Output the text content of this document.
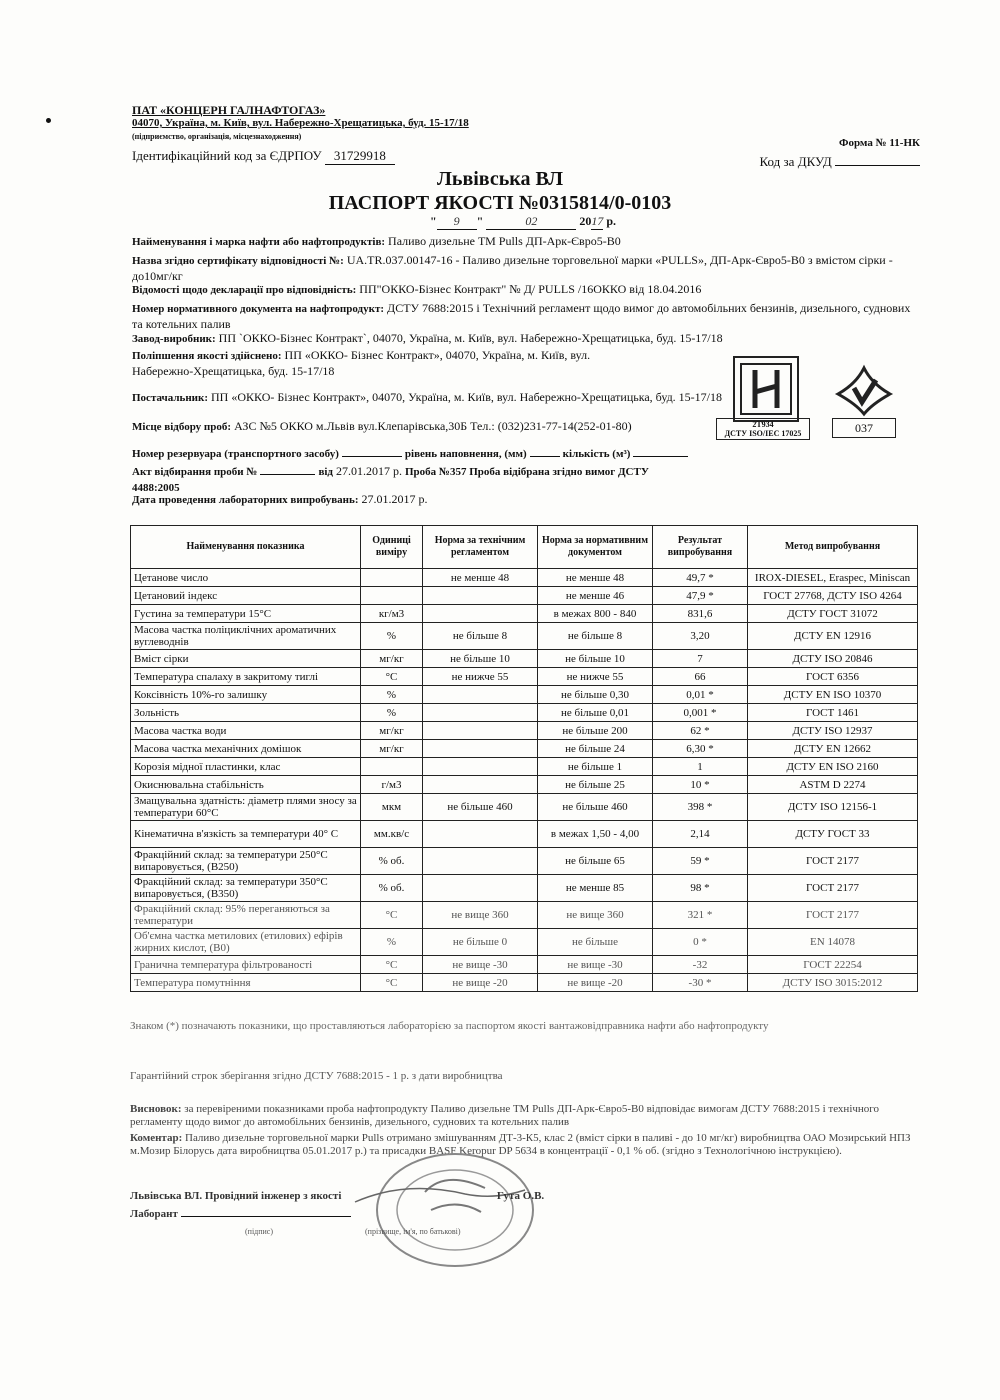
ПАТ «КОНЦЕРН ГАЛНАФТОГАЗ»
04070, Україна, м. Київ, вул. Набережно-Хрещатицька, буд. 15-17/18
(підприємство, організація, місцезнаходження)
Ідентифікаційний код за ЄДРПОУ 31729918
Форма № 11-НК
Код за ДКУД
Львівська ВЛ
ПАСПОРТ ЯКОСТІ №0315814/0-0103
" 9 "	02	2017 р.
Найменування і марка нафти або нафтопродуктів: Паливо дизельне ТМ Pulls ДП-Арк-Євро5-В0
Назва згідно сертифікату відповідності №: UA.TR.037.00147-16 - Паливо дизельне торговельної марки «PULLS», ДП-Арк-Євро5-В0 з вмістом сірки - до10мг/кг
Відомості щодо декларації про відповідність: ПП"ОККО-Бізнес Контракт" № Д/ PULLS /16ОККО від 18.04.2016
Номер нормативного документа на нафтопродукт: ДСТУ 7688:2015 і Технічний регламент щодо вимог до автомобільних бензинів, дизельного, суднових та котельних палив
Завод-виробник: ПП `ОККО-Бізнес Контракт`, 04070, Україна, м. Київ, вул. Набережно-Хрещатицька, буд. 15-17/18
Поліпшення якості здійснено: ПП «ОККО- Бізнес Контракт», 04070, Україна, м. Київ, вул. Набережно-Хрещатицька, буд. 15-17/18
Постачальник: ПП «ОККО- Бізнес Контракт», 04070, Україна, м. Київ, вул. Набережно-Хрещатицька, буд. 15-17/18
Місце відбору проб: АЗС №5 ОККО м.Львів вул.Клепарівська,30Б Тел.: (032)231-77-14(252-01-80)
Номер резервуара (транспортного засобу)	рівень наповнення, (мм)	кількість (м³)
Акт відбирання проби №	від 27.01.2017 р. Проба №357 Проба відібрана згідно вимог ДСТУ 4488:2005
Дата проведення лабораторних випробувань: 27.01.2017 р.
2Т934
ДСТУ ISO/IEC 17025	037
Найменування показника	Одиниці виміру	Норма за технічним регламентом	Норма за нормативним документом	Результат випробування	Метод випробування
Цетанове число		не менше 48	не менше 48	49,7 *	IROX-DIESEL, Eraspec, Miniscan
Цетановий індекс			не менше 46	47,9 *	ГОСТ 27768, ДСТУ ISO 4264
Густина за температури 15°С	кг/м3		в межах 800 - 840	831,6	ДСТУ ГОСТ 31072
Масова частка поліциклічних ароматичних вуглеводнів	%	не більше 8	не більше 8	3,20	ДСТУ EN 12916
Вміст сірки	мг/кг	не більше 10	не більше 10	7	ДСТУ ISO 20846
Температура спалаху в закритому тиглі	°С	не нижче 55	не нижче 55	66	ГОСТ 6356
Коксівність 10%-го залишку	%		не більше 0,30	0,01 *	ДСТУ EN ISO 10370
Зольність	%		не більше 0,01	0,001 *	ГОСТ 1461
Масова частка води	мг/кг		не більше 200	62 *	ДСТУ ISO 12937
Масова частка механічних домішок	мг/кг		не більше 24	6,30 *	ДСТУ EN 12662
Корозія мідної пластинки, клас			не більше 1	1	ДСТУ EN ISO 2160
Окиснювальна стабільність	г/м3		не більше 25	10 *	ASTM D 2274
Змащувальна здатність: діаметр плями зносу за температури 60°С	мкм	не більше 460	не більше 460	398 *	ДСТУ ISO 12156-1
Кінематична в'язкість за температури 40° С	мм.кв/с		в межах 1,50 - 4,00	2,14	ДСТУ ГОСТ 33
Фракційний склад: за температури 250°С випаровується, (В250)	% об.		не більше 65	59 *	ГОСТ 2177
Фракційний склад: за температури 350°С випаровується, (В350)	% об.		не менше 85	98 *	ГОСТ 2177
Фракційний склад: 95% переганяються за температури	°С	не вище 360	не вище 360	321 *	ГОСТ 2177
Об'ємна частка метилових (етилових) ефірів жирних кислот, (В0)	%	не більше 0	не більше	0 *	EN 14078
Гранична температура фільтрованості	°С	не вище -30	не вище -30	-32	ГОСТ 22254
Температура помутніння	°С	не вище -20	не вище -20	-30 *	ДСТУ ISO 3015:2012
Знаком (*) позначають показники, що проставляються лабораторією за паспортом якості вантажовідправника нафти або нафтопродукту
Гарантійний строк зберігання згідно ДСТУ 7688:2015 - 1 р. з дати виробництва
Висновок: за перевіреними показниками проба нафтопродукту Паливо дизельне ТМ Pulls ДП-Арк-Євро5-В0 відповідає вимогам ДСТУ 7688:2015 і технічного регламенту щодо вимог до автомобільних бензинів, дизельного, суднових та котельних палив
Коментар: Паливо дизельне торговельної марки Pulls отримано змішуванням ДТ-3-К5, клас 2 (вміст сірки в паливі - до 10 мг/кг) виробництва ОАО Мозирський НПЗ м.Мозир Білорусь дата виробництва 05.01.2017 р.) та присадки BASF Keropur DP 5634 в концентрації - 0,1 % об. (згідно з Технологічною інструкцією).
Львівська ВЛ. Провідний інженер з якості	Гута О.В.
Лаборант
(підпис)	(прізвище, ім'я, по батькові)
